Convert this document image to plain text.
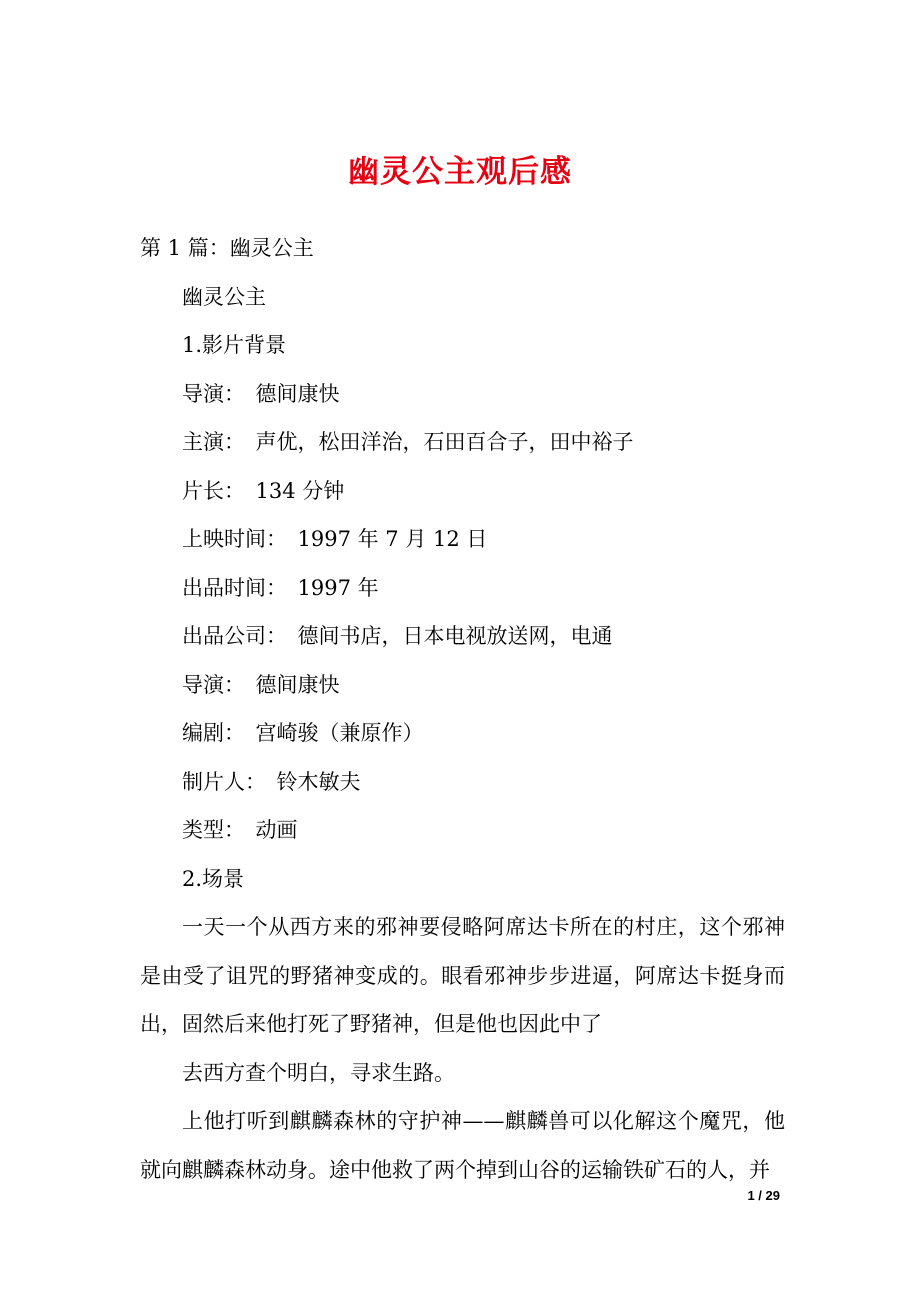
幽灵公主观后感
第 1 篇：幽灵公主
幽灵公主
1.影片背景
导演：　德间康快
主演：　声优，松田洋治，石田百合子，田中裕子
片长：　134 分钟
上映时间：　1997 年 7 月 12 日
出品时间：　1997 年
出品公司：　德间书店，日本电视放送网，电通
导演：　德间康快
编剧：　宫崎骏（兼原作）
制片人：　铃木敏夫
类型：　动画
2.场景
一天一个从西方来的邪神要侵略阿席达卡所在的村庄，这个邪神是由受了诅咒的野猪神变成的。眼看邪神步步进逼，阿席达卡挺身而出，固然后来他打死了野猪神，但是他也因此中了
去西方查个明白，寻求生路。
上他打听到麒麟森林的守护神——麒麟兽可以化解这个魔咒，他就向麒麟森林动身。途中他救了两个掉到山谷的运输铁矿石的人，并
1 / 29
